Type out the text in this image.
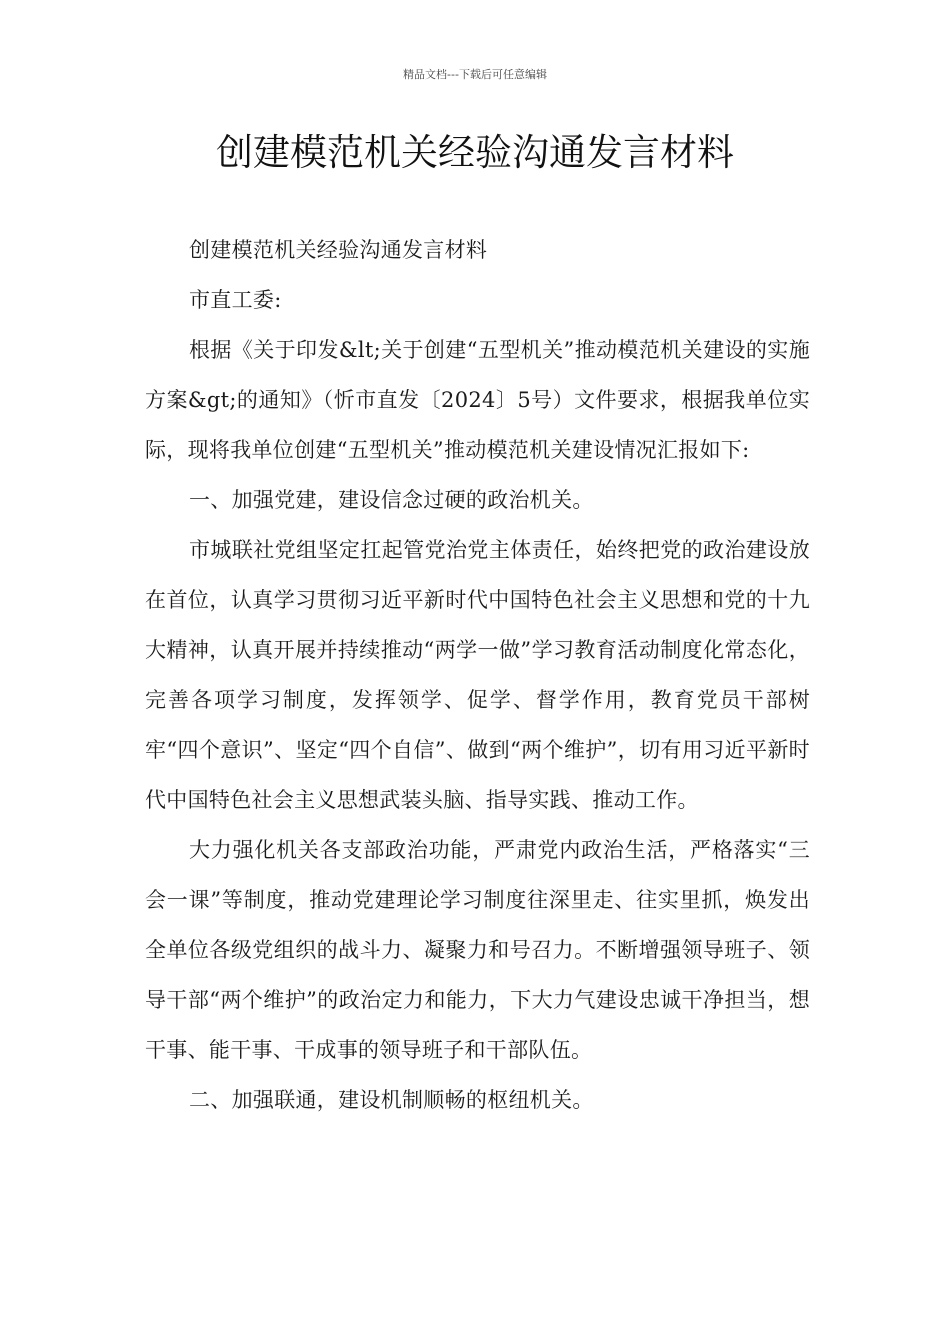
精品文档---下载后可任意编辑
创建模范机关经验沟通发言材料

创建模范机关经验沟通发言材料

市直工委:

根据《关于印发&lt;关于创建“五型机关”推动模范机关建设的实施方案&gt;的通知》（忻市直发〔2024〕5号）文件要求，根据我单位实际，现将我单位创建“五型机关”推动模范机关建设情况汇报如下:

一、加强党建，建设信念过硬的政治机关。

市城联社党组坚定扛起管党治党主体责任，始终把党的政治建设放在首位，认真学习贯彻习近平新时代中国特色社会主义思想和党的十九大精神，认真开展并持续推动“两学一做”学习教育活动制度化常态化，完善各项学习制度，发挥领学、促学、督学作用，教育党员干部树牢“四个意识”、坚定“四个自信”、做到“两个维护”，切有用习近平新时代中国特色社会主义思想武装头脑、指导实践、推动工作。

大力强化机关各支部政治功能，严肃党内政治生活，严格落实“三会一课”等制度，推动党建理论学习制度往深里走、往实里抓，焕发出全单位各级党组织的战斗力、凝聚力和号召力。不断增强领导班子、领导干部“两个维护”的政治定力和能力，下大力气建设忠诚干净担当，想干事、能干事、干成事的领导班子和干部队伍。

二、加强联通，建设机制顺畅的枢纽机关。
